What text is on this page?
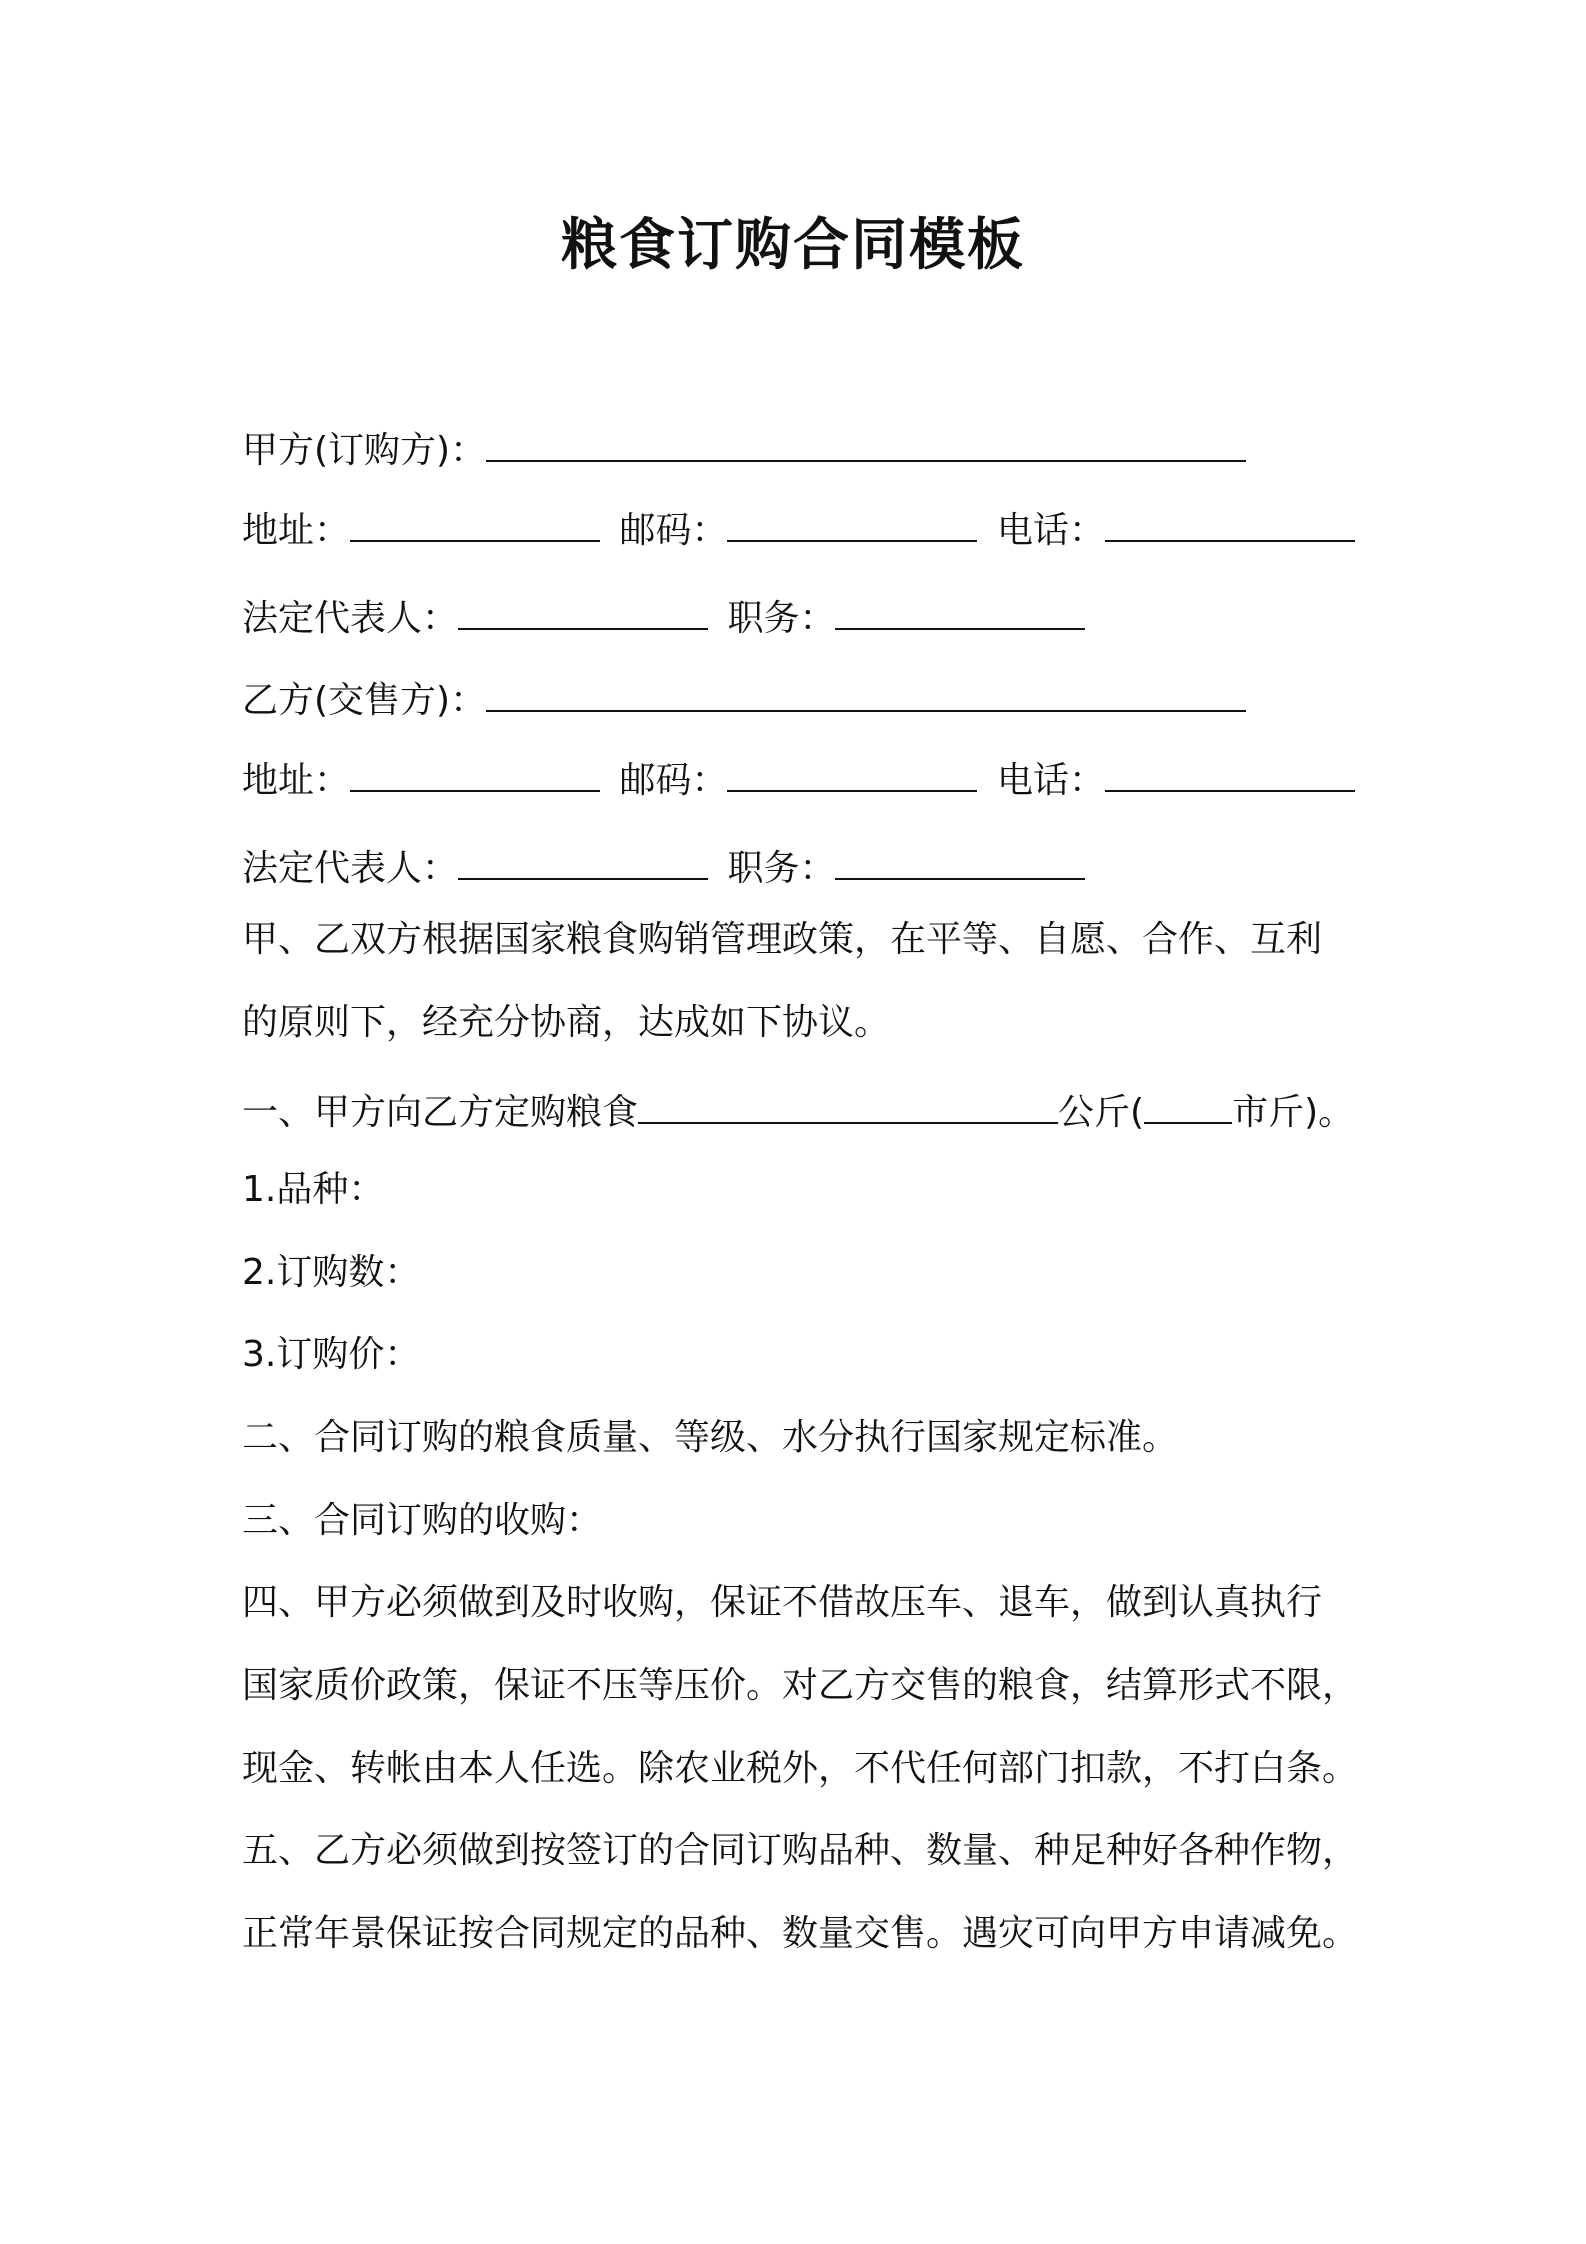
粮食订购合同模板
甲方(订购方)：
地址：	邮码：	电话：
法定代表人：	职务：
乙方(交售方)：
地址：	邮码：	电话：
法定代表人：	职务：
甲、乙双方根据国家粮食购销管理政策，在平等、自愿、合作、互利
的原则下，经充分协商，达成如下协议。
一、甲方向乙方定购粮食	公斤( 市斤)。
1.品种：
2.订购数：
3.订购价：
二、合同订购的粮食质量、等级、水分执行国家规定标准。
三、合同订购的收购：
四、甲方必须做到及时收购，保证不借故压车、退车，做到认真执行
国家质价政策，保证不压等压价。对乙方交售的粮食，结算形式不限，
现金、转帐由本人任选。除农业税外，不代任何部门扣款，不打白条。
五、乙方必须做到按签订的合同订购品种、数量、种足种好各种作物，
正常年景保证按合同规定的品种、数量交售。遇灾可向甲方申请减免。
